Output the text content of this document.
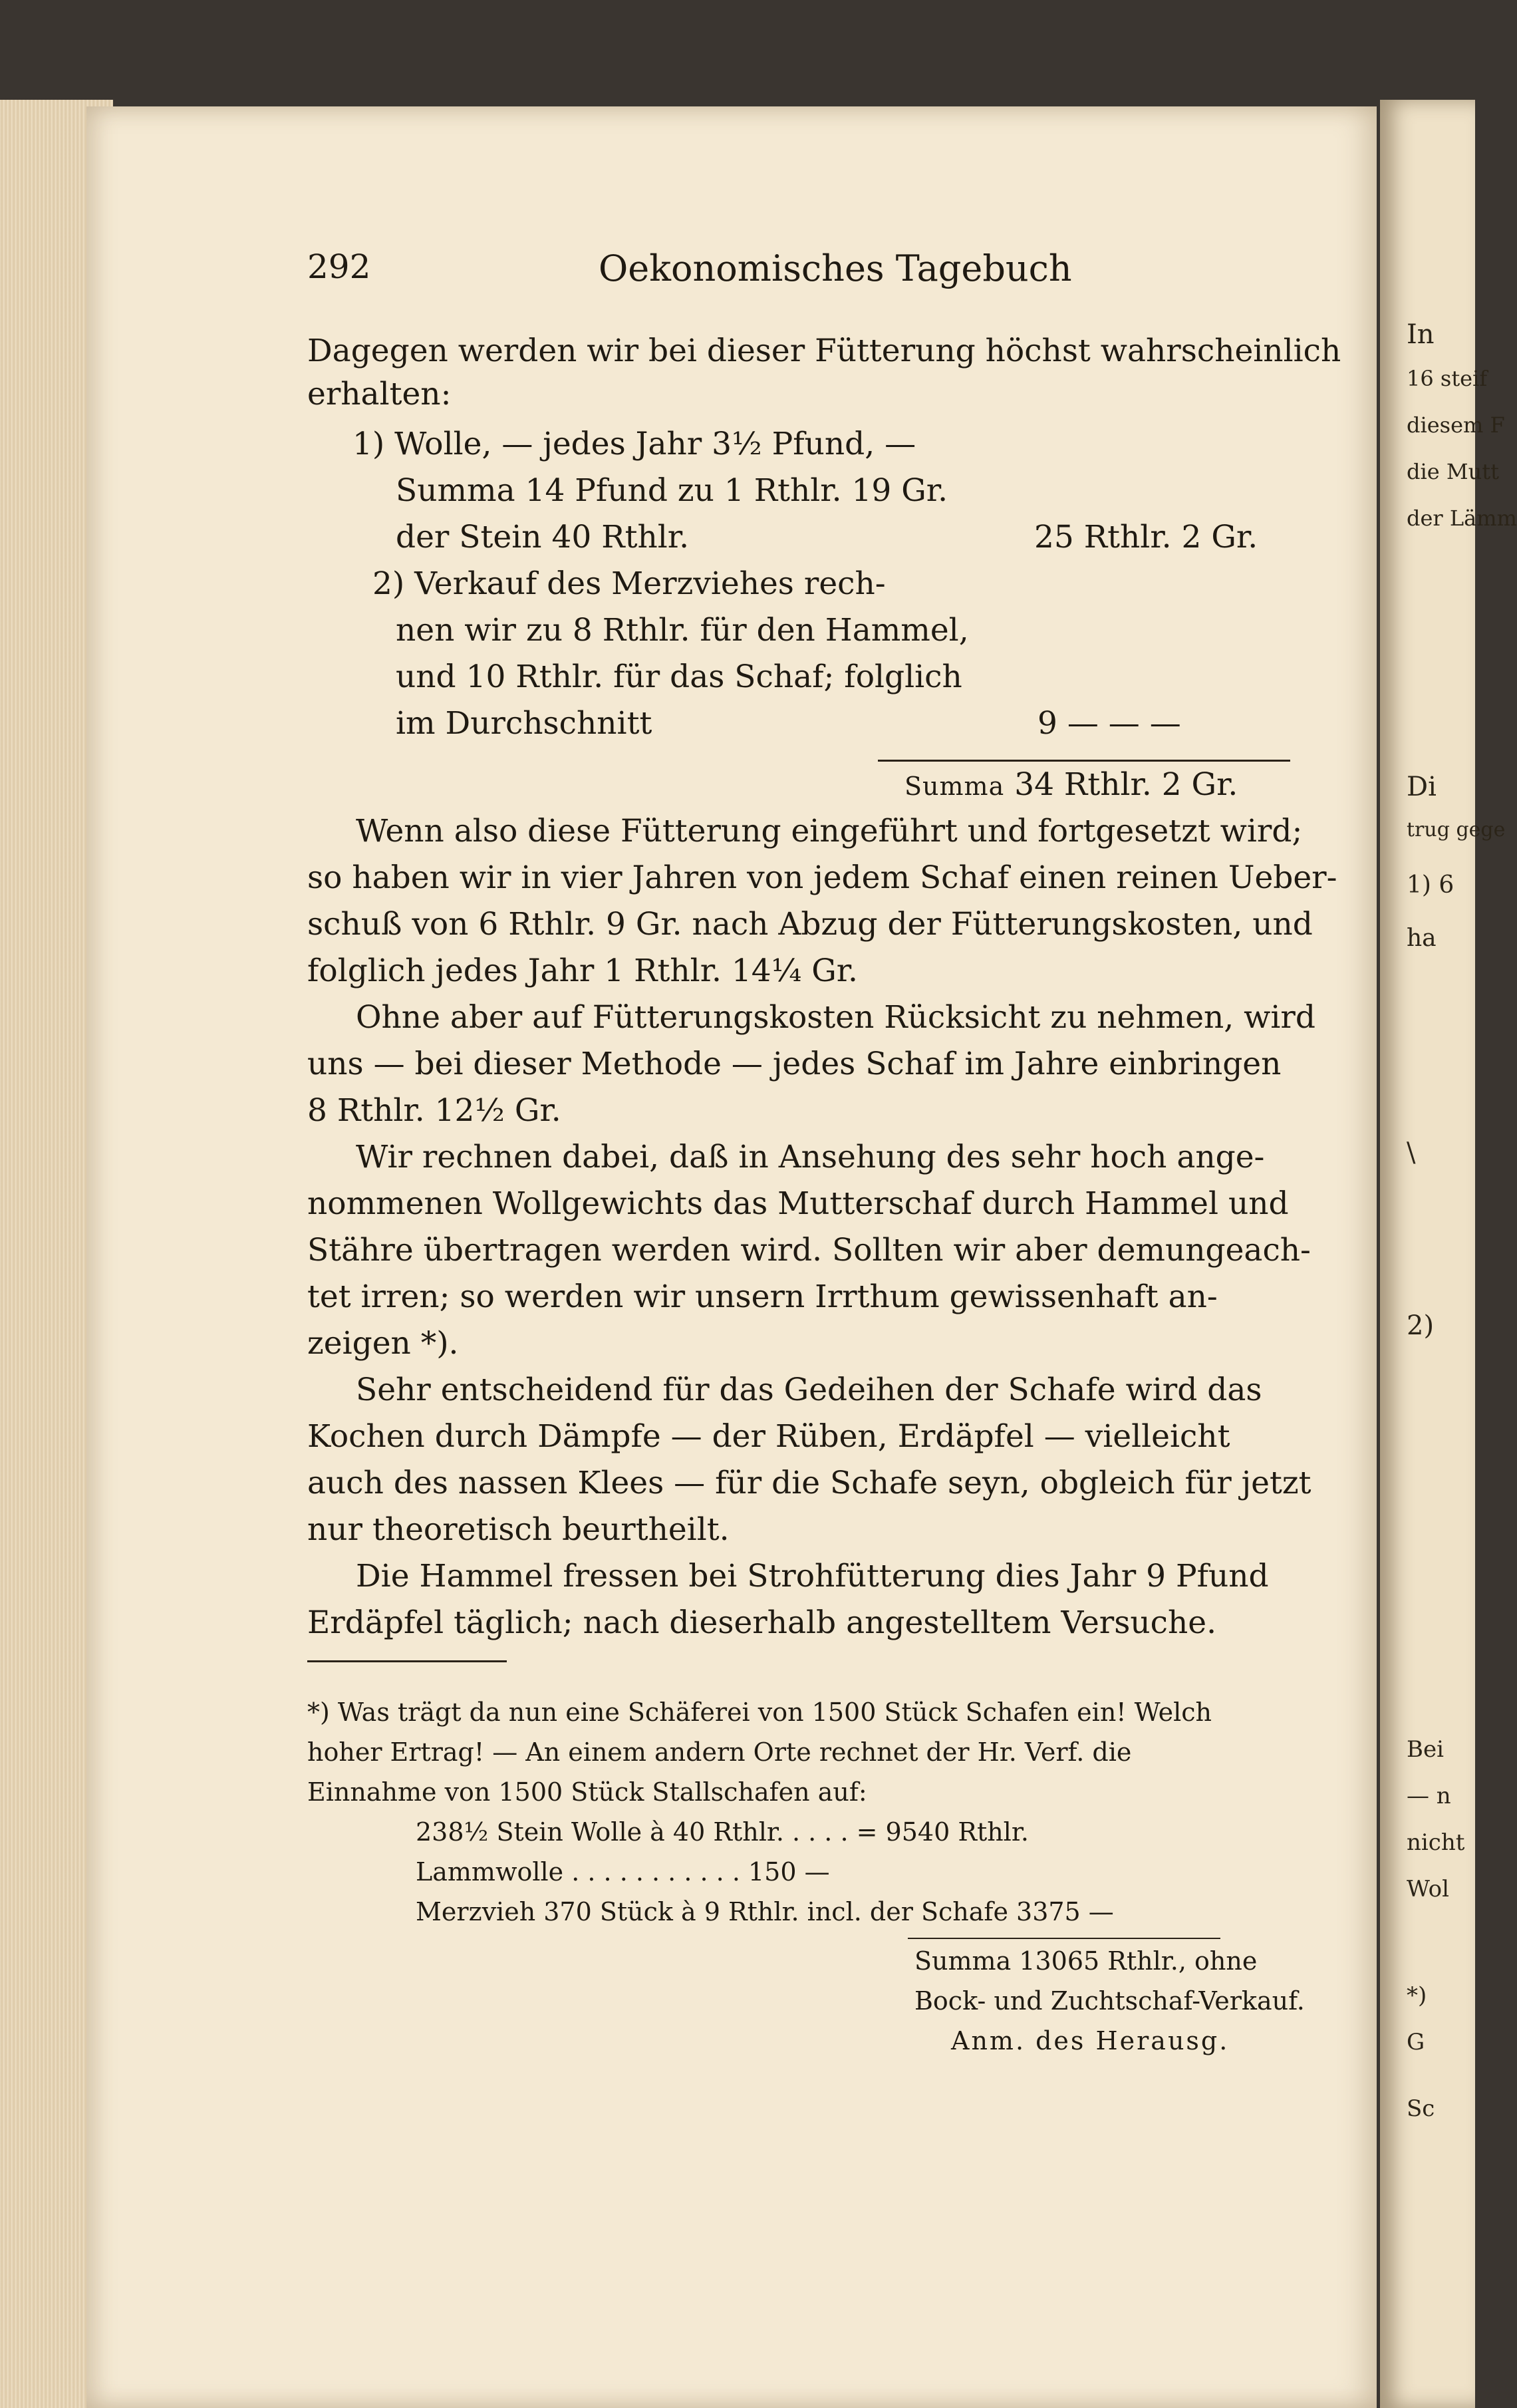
In
16 steif
diesem F
die Mutt
der Lämm
Di
trug gege
1) 6
ha
\
2)
Bei
— n
nicht
Wol
*)
G
Sc
292	Oekonomisches Tagebuch
Dagegen werden wir bei dieser Fütterung höchst wahrscheinlich
erhalten:
1) Wolle, — jedes Jahr 3½ Pfund, —
Summa 14 Pfund zu 1 Rthlr. 19 Gr.
der Stein 40 Rthlr.	25 Rthlr. 2 Gr.
2) Verkauf des Merzviehes rech-
nen wir zu 8 Rthlr. für den Hammel,
und 10 Rthlr. für das Schaf; folglich
im Durchschnitt	9 — — —
Summa 34 Rthlr. 2 Gr.
Wenn also diese Fütterung eingeführt und fortgesetzt wird;
so haben wir in vier Jahren von jedem Schaf einen reinen Ueber-
schuß von 6 Rthlr. 9 Gr. nach Abzug der Fütterungskosten, und
folglich jedes Jahr 1 Rthlr. 14¼ Gr.
Ohne aber auf Fütterungskosten Rücksicht zu nehmen, wird
uns — bei dieser Methode — jedes Schaf im Jahre einbringen
8 Rthlr. 12½ Gr.
Wir rechnen dabei, daß in Ansehung des sehr hoch ange-
nommenen Wollgewichts das Mutterschaf durch Hammel und
Stähre übertragen werden wird. Sollten wir aber demungeach-
tet irren; so werden wir unsern Irrthum gewissenhaft an-
zeigen *).
Sehr entscheidend für das Gedeihen der Schafe wird das
Kochen durch Dämpfe — der Rüben, Erdäpfel — vielleicht
auch des nassen Klees — für die Schafe seyn, obgleich für jetzt
nur theoretisch beurtheilt.
Die Hammel fressen bei Strohfütterung dies Jahr 9 Pfund
Erdäpfel täglich; nach dieserhalb angestelltem Versuche.
*) Was trägt da nun eine Schäferei von 1500 Stück Schafen ein! Welch
hoher Ertrag! — An einem andern Orte rechnet der Hr. Verf. die
Einnahme von 1500 Stück Stallschafen auf:
238½ Stein Wolle à 40 Rthlr. . . . . = 9540 Rthlr.
Lammwolle . . . . . . . . . . . 150 —
Merzvieh 370 Stück à 9 Rthlr. incl. der Schafe 3375 —
Summa 13065 Rthlr., ohne
Bock- und Zuchtschaf-Verkauf.
Anm. des Herausg.
